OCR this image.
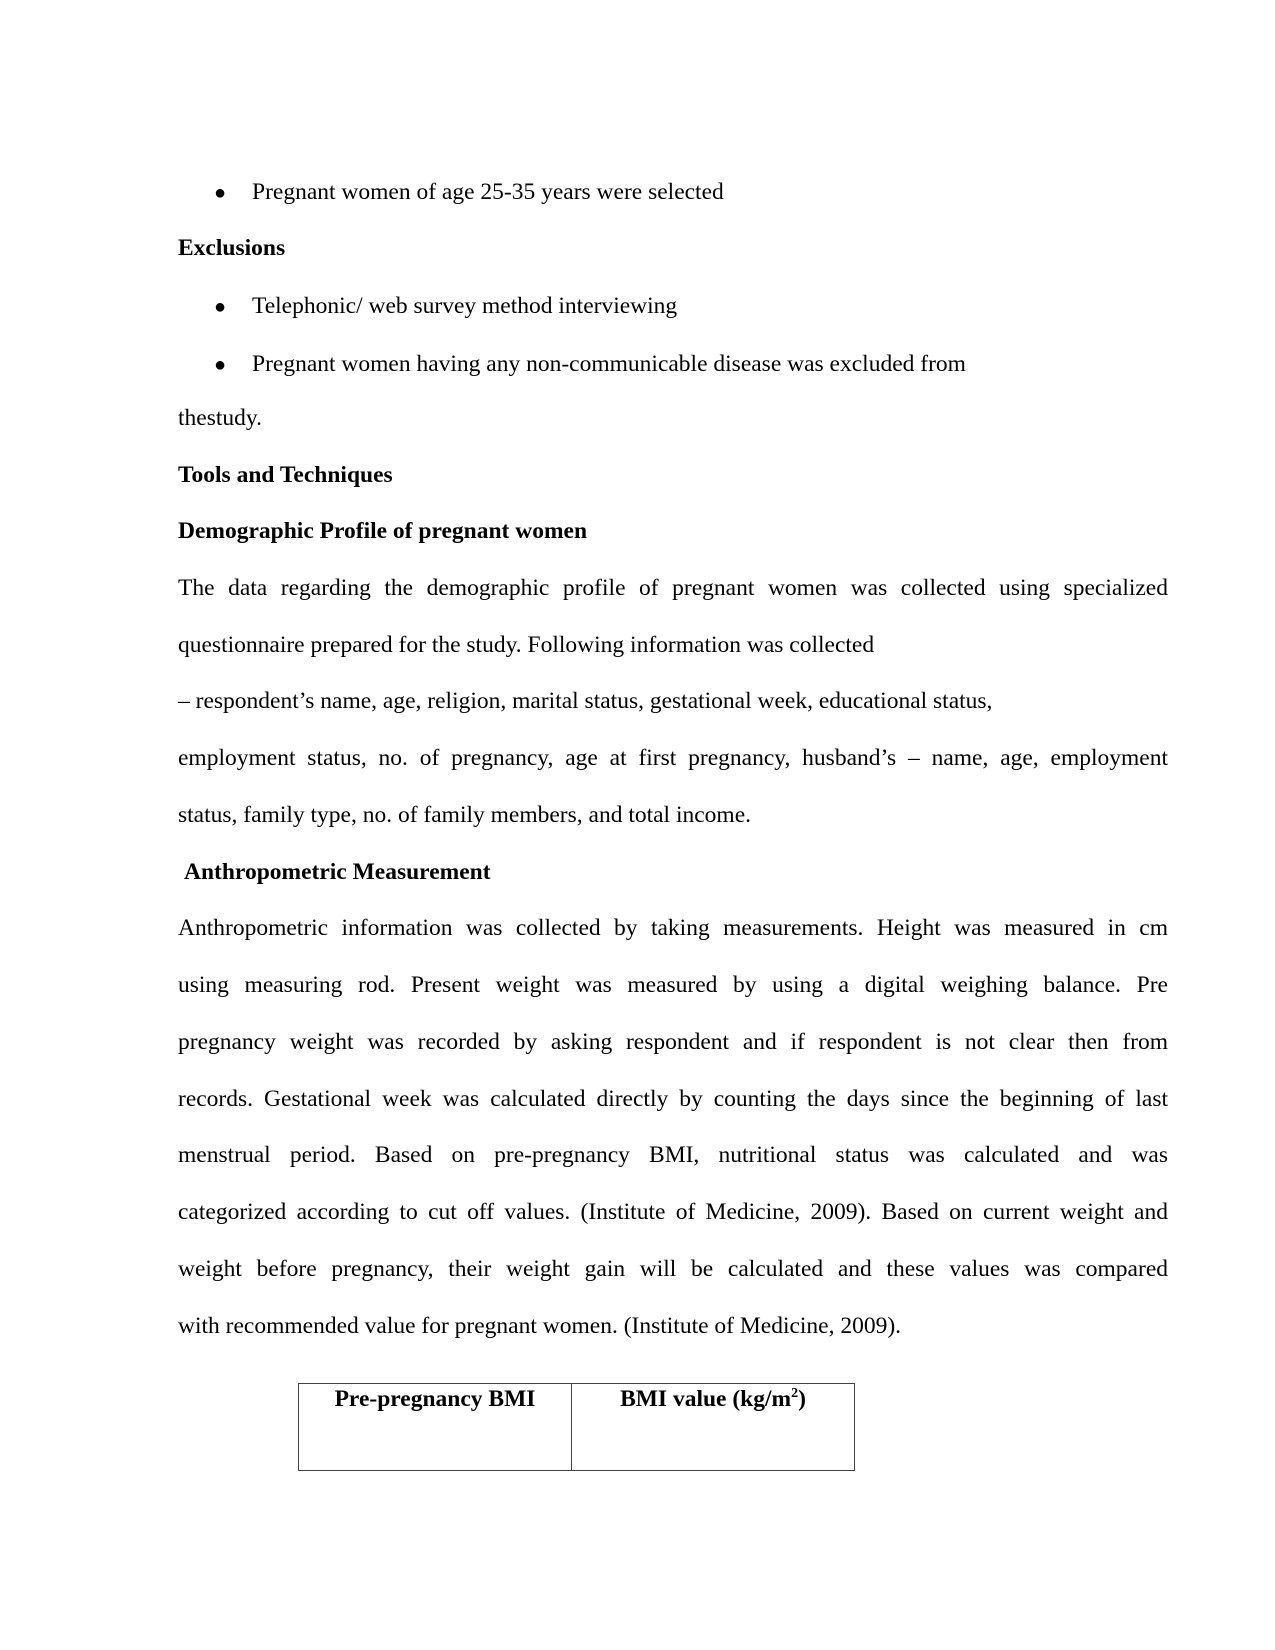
● Pregnant women of age 25-35 years were selected
Exclusions
● Telephonic/ web survey method interviewing
● Pregnant women having any non-communicable disease was excluded from
thestudy.
Tools and Techniques
Demographic Profile of pregnant women
The data regarding the demographic profile of pregnant women was collected using specialized
questionnaire prepared for the study. Following information was collected
– respondent’s name, age, religion, marital status, gestational week, educational status,
employment status, no. of pregnancy, age at first pregnancy, husband’s – name, age, employment
status, family type, no. of family members, and total income.
Anthropometric Measurement
Anthropometric information was collected by taking measurements. Height was measured in cm
using measuring rod. Present weight was measured by using a digital weighing balance. Pre
pregnancy weight was recorded by asking respondent and if respondent is not clear then from
records. Gestational week was calculated directly by counting the days since the beginning of last
menstrual period. Based on pre-pregnancy BMI, nutritional status was calculated and was
categorized according to cut off values. (Institute of Medicine, 2009). Based on current weight and
weight before pregnancy, their weight gain will be calculated and these values was compared
with recommended value for pregnant women. (Institute of Medicine, 2009).
Pre-pregnancy BMI	BMI value $(kg/m^2)$
